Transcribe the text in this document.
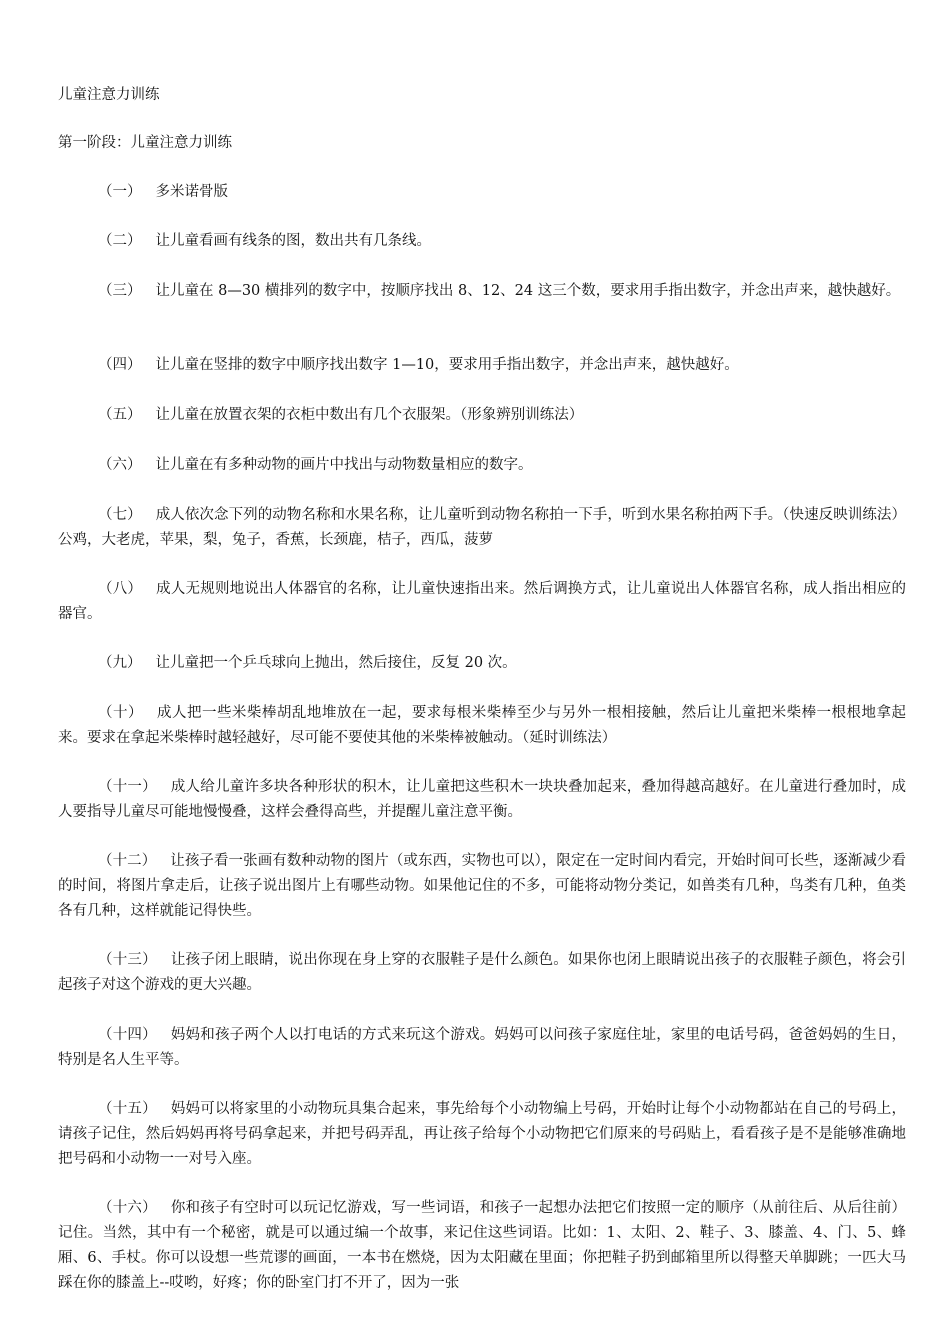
儿童注意力训练
第一阶段：儿童注意力训练
（一） 多米诺骨版
（二） 让儿童看画有线条的图，数出共有几条线。
（三） 让儿童在 8—30 横排列的数字中，按顺序找出 8、12、24 这三个数，要求用手指出数字，并念出声来，越快越好。
（四） 让儿童在竖排的数字中顺序找出数字 1—10，要求用手指出数字，并念出声来，越快越好。
（五） 让儿童在放置衣架的衣柜中数出有几个衣服架。（形象辨别训练法）
（六） 让儿童在有多种动物的画片中找出与动物数量相应的数字。
（七） 成人依次念下列的动物名称和水果名称，让儿童听到动物名称拍一下手，听到水果名称拍两下手。（快速反映训练法）公鸡，大老虎，苹果，梨，兔子，香蕉，长颈鹿，桔子，西瓜，菠萝
（八） 成人无规则地说出人体器官的名称，让儿童快速指出来。然后调换方式，让儿童说出人体器官名称，成人指出相应的器官。
（九） 让儿童把一个乒乓球向上抛出，然后接住，反复 20 次。
（十） 成人把一些米柴棒胡乱地堆放在一起，要求每根米柴棒至少与另外一根相接触，然后让儿童把米柴棒一根根地拿起来。要求在拿起米柴棒时越轻越好，尽可能不要使其他的米柴棒被触动。（延时训练法）
（十一） 成人给儿童许多块各种形状的积木，让儿童把这些积木一块块叠加起来，叠加得越高越好。在儿童进行叠加时，成人要指导儿童尽可能地慢慢叠，这样会叠得高些，并提醒儿童注意平衡。
（十二） 让孩子看一张画有数种动物的图片（或东西，实物也可以），限定在一定时间内看完，开始时间可长些，逐渐减少看的时间，将图片拿走后，让孩子说出图片上有哪些动物。如果他记住的不多，可能将动物分类记，如兽类有几种，鸟类有几种，鱼类各有几种，这样就能记得快些。
（十三） 让孩子闭上眼睛，说出你现在身上穿的衣服鞋子是什么颜色。如果你也闭上眼睛说出孩子的衣服鞋子颜色，将会引起孩子对这个游戏的更大兴趣。
（十四） 妈妈和孩子两个人以打电话的方式来玩这个游戏。妈妈可以问孩子家庭住址，家里的电话号码，爸爸妈妈的生日，特别是名人生平等。
（十五） 妈妈可以将家里的小动物玩具集合起来，事先给每个小动物编上号码，开始时让每个小动物都站在自己的号码上，请孩子记住，然后妈妈再将号码拿起来，并把号码弄乱，再让孩子给每个小动物把它们原来的号码贴上，看看孩子是不是能够准确地把号码和小动物一一对号入座。
（十六） 你和孩子有空时可以玩记忆游戏，写一些词语，和孩子一起想办法把它们按照一定的顺序（从前往后、从后往前）记住。当然，其中有一个秘密，就是可以通过编一个故事，来记住这些词语。比如：1、太阳、2、鞋子、3、膝盖、4、门、5、蜂厢、6、手杖。你可以设想一些荒谬的画面，一本书在燃烧，因为太阳藏在里面；你把鞋子扔到邮箱里所以得整天单脚跳；一匹大马踩在你的膝盖上--哎哟，好疼；你的卧室门打不开了，因为一张
